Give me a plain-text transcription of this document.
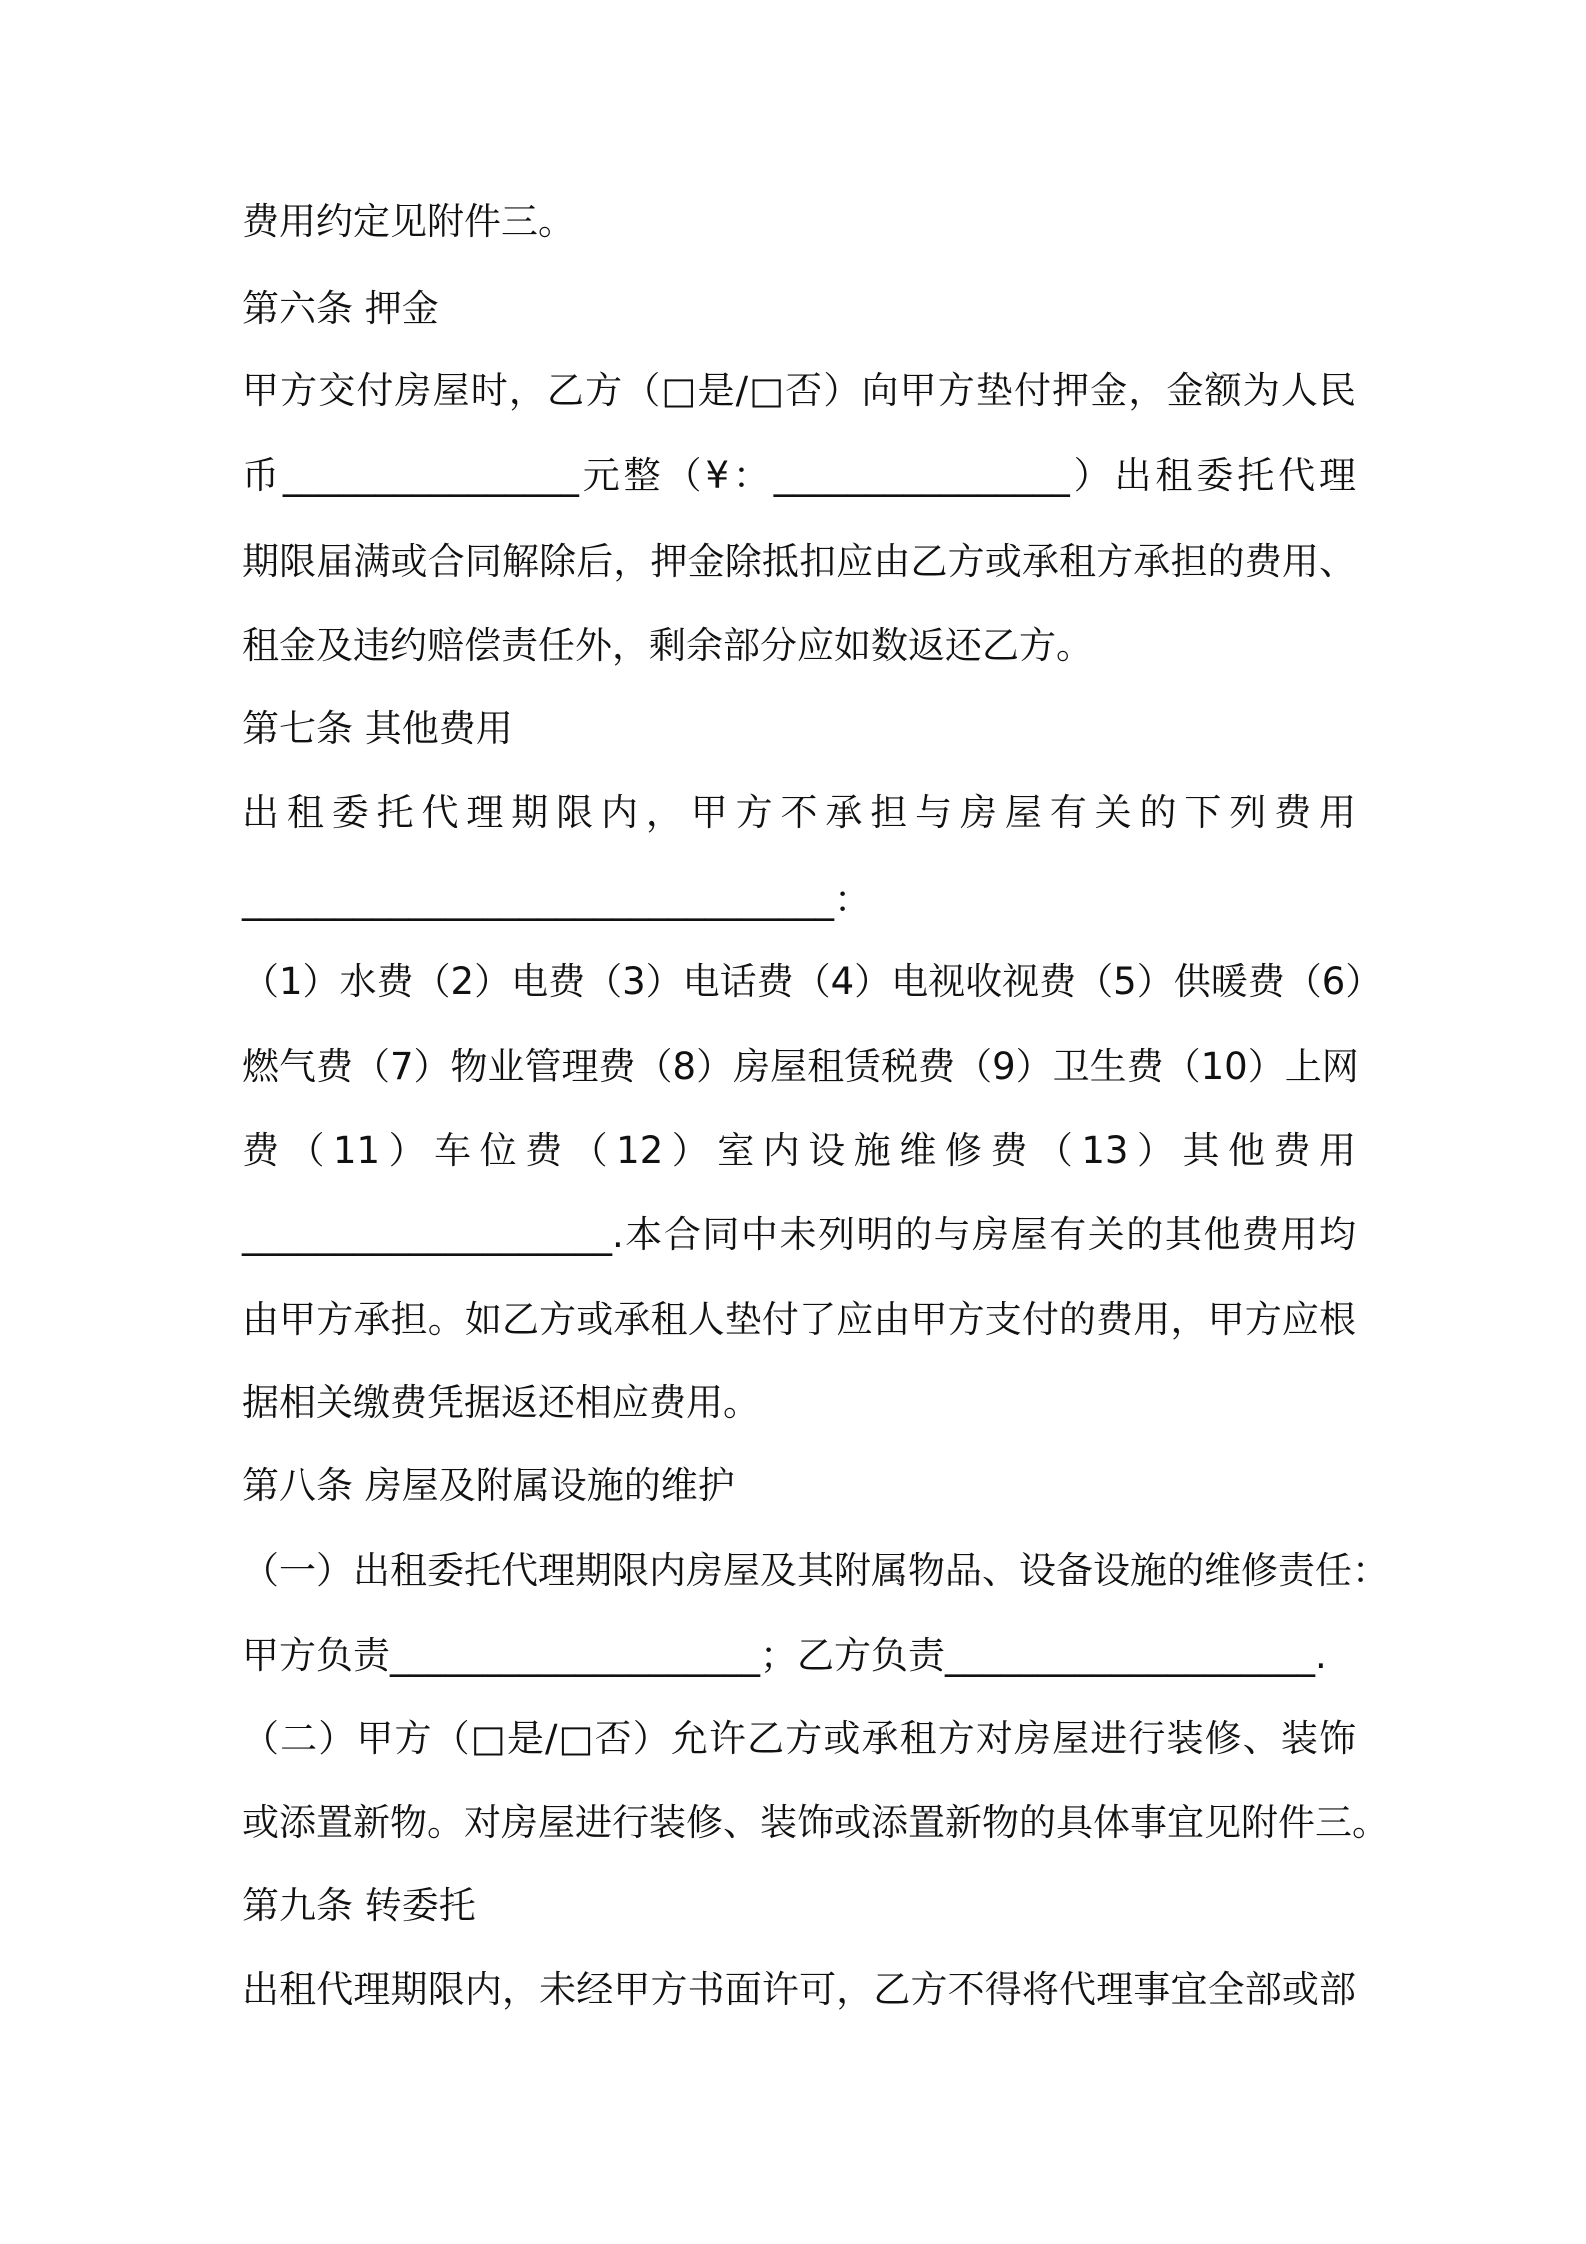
费用约定见附件三。

第六条 押金

甲方交付房屋时，乙方（□是/□否）向甲方垫付押金，金额为人民

币________________元整（¥：________________）出租委托代理

期限届满或合同解除后，押金除抵扣应由乙方或承租方承担的费用、

租金及违约赔偿责任外，剩余部分应如数返还乙方。

第七条 其他费用

出租委托代理期限内，甲方不承担与房屋有关的下列费用

________________________________：

（1）水费（2）电费（3）电话费（4）电视收视费（5）供暖费（6）

燃气费（7）物业管理费（8）房屋租赁税费（9）卫生费（10）上网

费（11）车位费（12）室内设施维修费（13）其他费用

____________________.本合同中未列明的与房屋有关的其他费用均

由甲方承担。如乙方或承租人垫付了应由甲方支付的费用，甲方应根

据相关缴费凭据返还相应费用。

第八条 房屋及附属设施的维护

（一）出租委托代理期限内房屋及其附属物品、设备设施的维修责任：

甲方负责____________________；乙方负责____________________.

（二）甲方（□是/□否）允许乙方或承租方对房屋进行装修、装饰

或添置新物。对房屋进行装修、装饰或添置新物的具体事宜见附件三。

第九条 转委托

出租代理期限内，未经甲方书面许可，乙方不得将代理事宜全部或部
